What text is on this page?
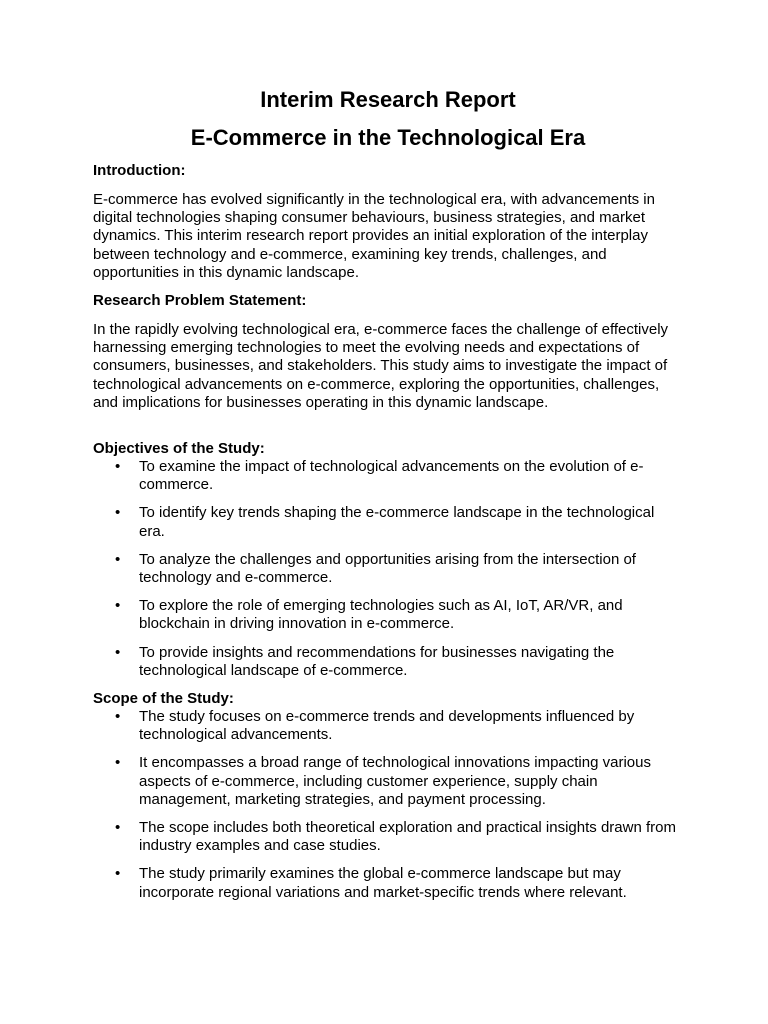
Interim Research Report
E-Commerce in the Technological Era
Introduction:

E-commerce has evolved significantly in the technological era, with advancements in digital technologies shaping consumer behaviours, business strategies, and market dynamics. This interim research report provides an initial exploration of the interplay between technology and e-commerce, examining key trends, challenges, and opportunities in this dynamic landscape.

Research Problem Statement:

In the rapidly evolving technological era, e-commerce faces the challenge of effectively harnessing emerging technologies to meet the evolving needs and expectations of consumers, businesses, and stakeholders. This study aims to investigate the impact of technological advancements on e-commerce, exploring the opportunities, challenges, and implications for businesses operating in this dynamic landscape.

Objectives of the Study:
• To examine the impact of technological advancements on the evolution of e-commerce.
• To identify key trends shaping the e-commerce landscape in the technological era.
• To analyze the challenges and opportunities arising from the intersection of technology and e-commerce.
• To explore the role of emerging technologies such as AI, IoT, AR/VR, and blockchain in driving innovation in e-commerce.
• To provide insights and recommendations for businesses navigating the technological landscape of e-commerce.
Scope of the Study:
• The study focuses on e-commerce trends and developments influenced by technological advancements.
• It encompasses a broad range of technological innovations impacting various aspects of e-commerce, including customer experience, supply chain management, marketing strategies, and payment processing.
• The scope includes both theoretical exploration and practical insights drawn from industry examples and case studies.
• The study primarily examines the global e-commerce landscape but may incorporate regional variations and market-specific trends where relevant.
